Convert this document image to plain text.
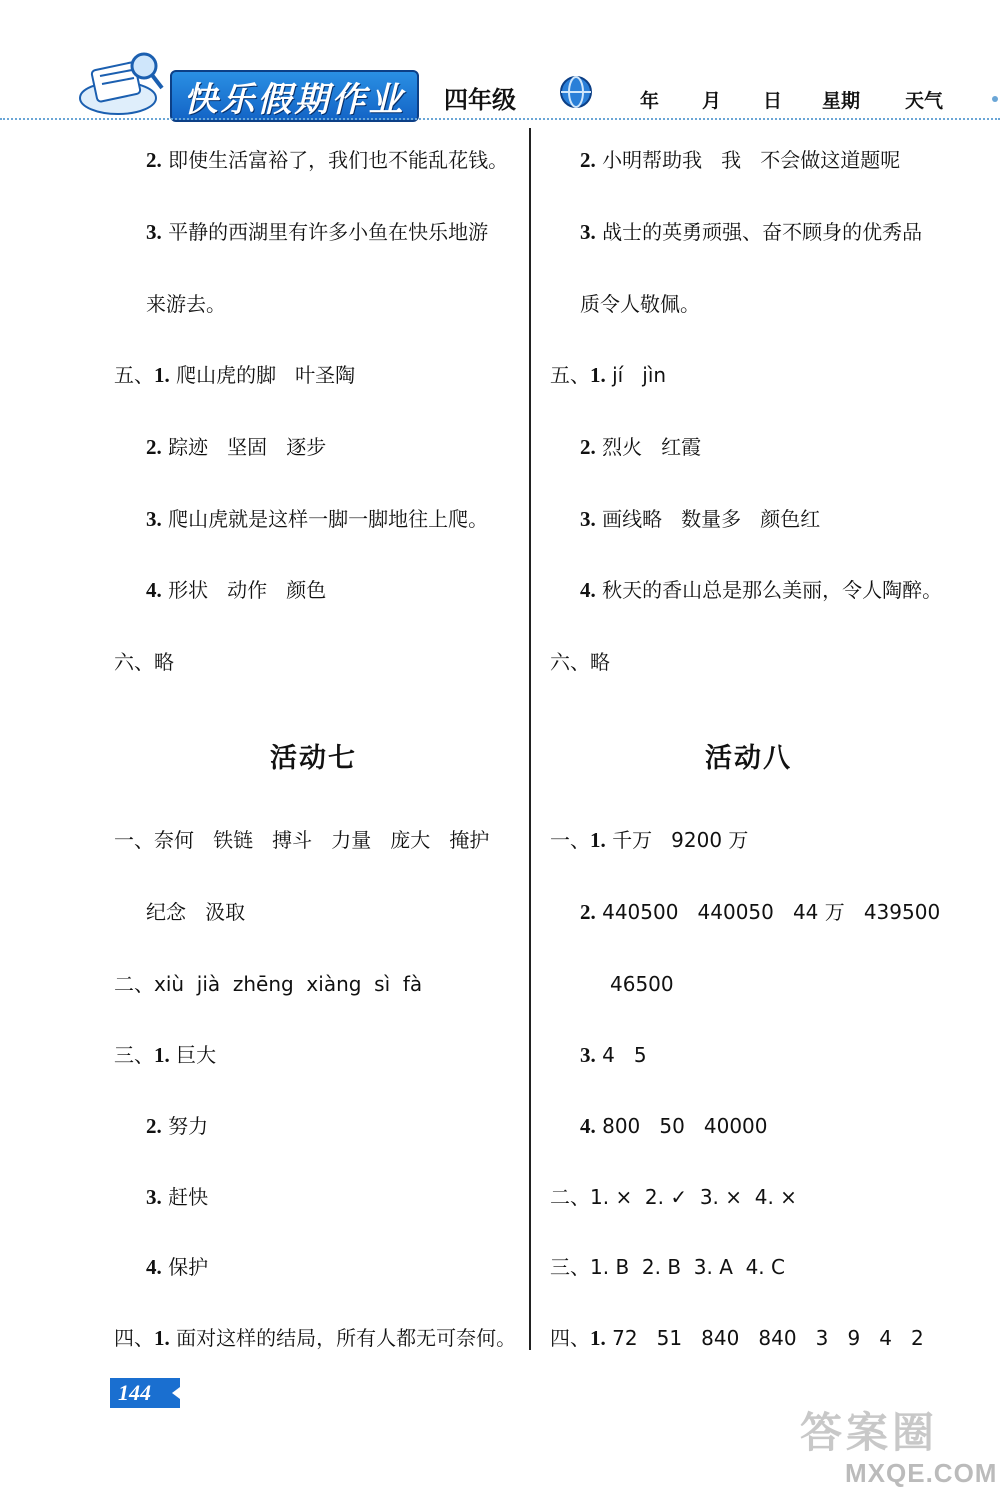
快乐假期作业	四年级	年 月 日 星期 天气
2. 即使生活富裕了，我们也不能乱花钱。
3. 平静的西湖里有许多小鱼在快乐地游
来游去。
五、1. 爬山虎的脚   叶圣陶
2. 踪迹   坚固   逐步
3. 爬山虎就是这样一脚一脚地往上爬。
4. 形状   动作   颜色
六、略
活动七
一、奈何   铁链   搏斗   力量   庞大   掩护
纪念   汲取
二、xiù  jià  zhēng  xiàng  sì  fà
三、1. 巨大
2. 努力
3. 赶快
4. 保护
四、1. 面对这样的结局，所有人都无可奈何。
2. 小明帮助我   我   不会做这道题呢
3. 战士的英勇顽强、奋不顾身的优秀品
质令人敬佩。
五、1. jí   jìn
2. 烈火   红霞
3. 画线略   数量多   颜色红
4. 秋天的香山总是那么美丽，令人陶醉。
六、略
活动八
一、1. 千万   9200 万
2. 440500   440050   44 万   439500
46500
3. 4   5
4. 800   50   40000
二、1. ×  2. ✓  3. ×  4. ×
三、1. B  2. B  3. A  4. C
四、1. 72   51   840   840   3   9   4   2
144
答案圈
MXQE.COM
